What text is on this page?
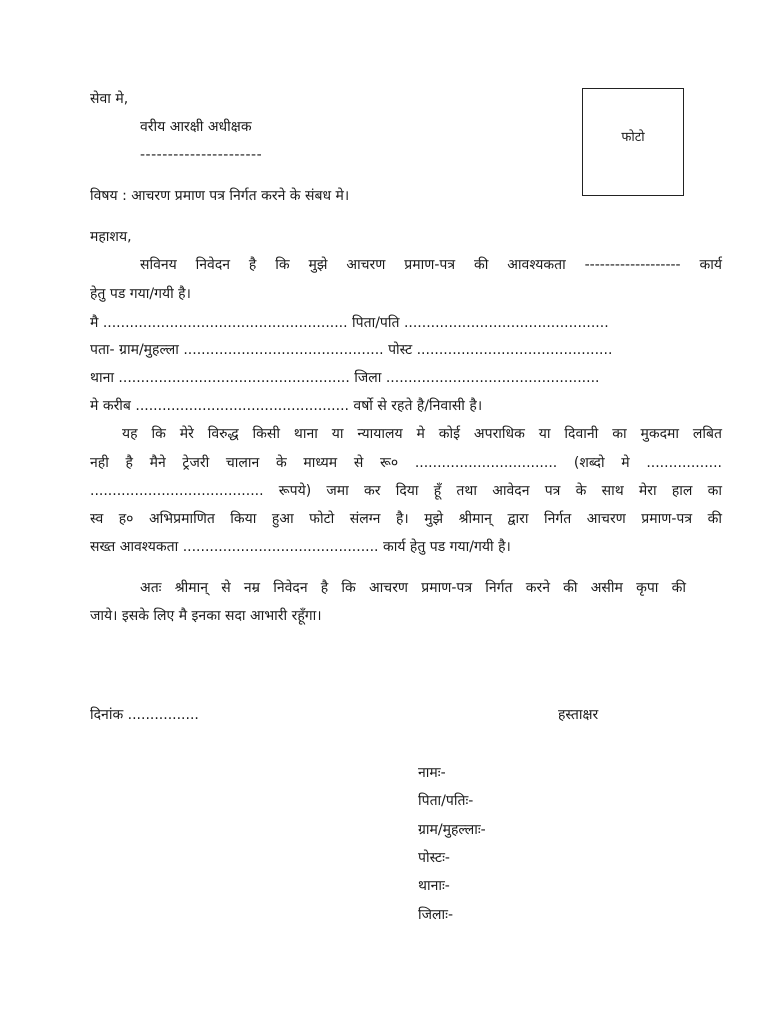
सेवा मे,
वरीय आरक्षी अधीक्षक
----------------------
फोटो
विषय : आचरण प्रमाण पत्र निर्गत करने के संबध मे।
महाशय,
सविनय निवेदन है कि मुझे आचरण प्रमाण-पत्र की आवश्यकता ------------------- कार्य
हेतु पड गया/गयी है।
मै ....................................................... पिता/पति ..............................................
पता- ग्राम/मुहल्ला ............................................. पोस्ट ............................................
थाना .................................................... जिला ................................................
मे करीब ................................................ वर्षो से रहते है/निवासी है।
यह कि मेरे विरुद्ध किसी थाना या न्यायालय मे कोई अपराधिक या दिवानी का मुकदमा लबित
नही है मैने ट्रेजरी चालान के माध्यम से रू० ................................ (शब्दो मे .................
....................................... रूपये) जमा कर दिया हूँ तथा आवेदन पत्र के साथ मेरा हाल का
स्व ह० अभिप्रमाणित किया हुआ फोटो संलग्न है। मुझे श्रीमान् द्वारा निर्गत आचरण प्रमाण-पत्र की
सख्त आवश्यकता ............................................ कार्य हेतु पड गया/गयी है।
अतः श्रीमान् से नम्र निवेदन है कि आचरण प्रमाण-पत्र निर्गत करने की असीम कृपा की
जाये। इसके लिए मै इनका सदा आभारी रहूँगा।
दिनांक ................	हस्ताक्षर
नामः-
पिता/पतिः-
ग्राम/मुहल्लाः-
पोस्टः-
थानाः-
जिलाः-
